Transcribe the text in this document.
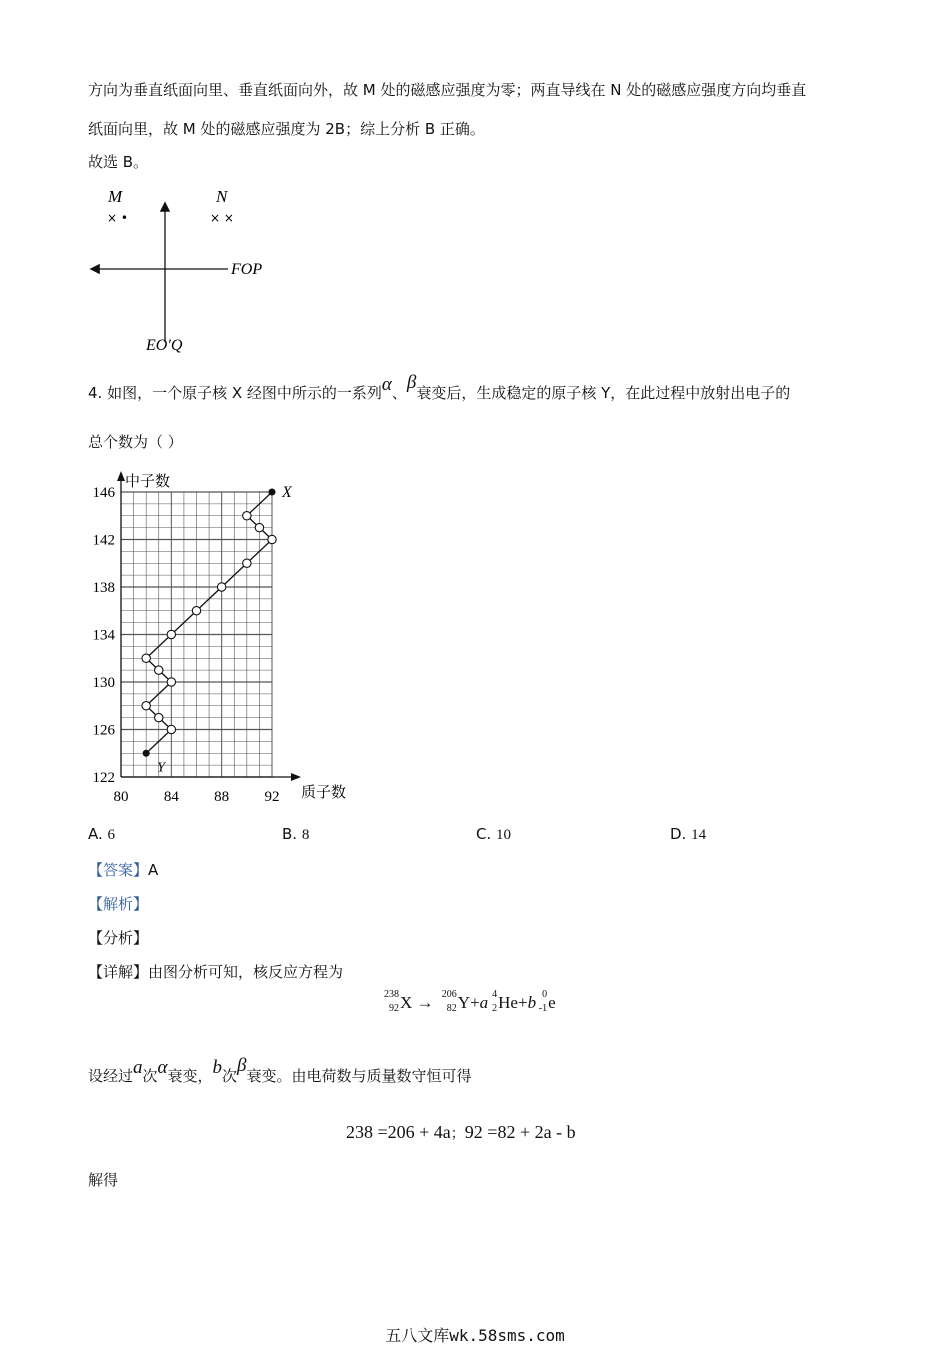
方向为垂直纸面向里、垂直纸面向外，故 M 处的磁感应强度为零；两直导线在 N 处的磁感应强度方向均垂直
纸面向里，故 M 处的磁感应强度为 2B；综上分析 B 正确。
故选 B。
M
× •
N
× ×
FOP
EO′Q
4. 如图，一个原子核 X 经图中所示的一系列α、β衰变后，生成稳定的原子核 Y，在此过程中放射出电子的
总个数为（ ）
80 84 88 92
122
126
130
134
138
142
146
质子数
中子数
X
Y
A. 6	B. 8	C. 10	D. 14
【答案】A
【解析】
【分析】
【详解】由图分析可知，核反应方程为
238
92 X → 206
82 Y+a 4
2 He+b 0
-1 e
设经过a次α衰变，b次β衰变。由电荷数与质量数守恒可得
238 =206 + 4a；92 =82 + 2a - b
解得
五八文库wk.58sms.com
